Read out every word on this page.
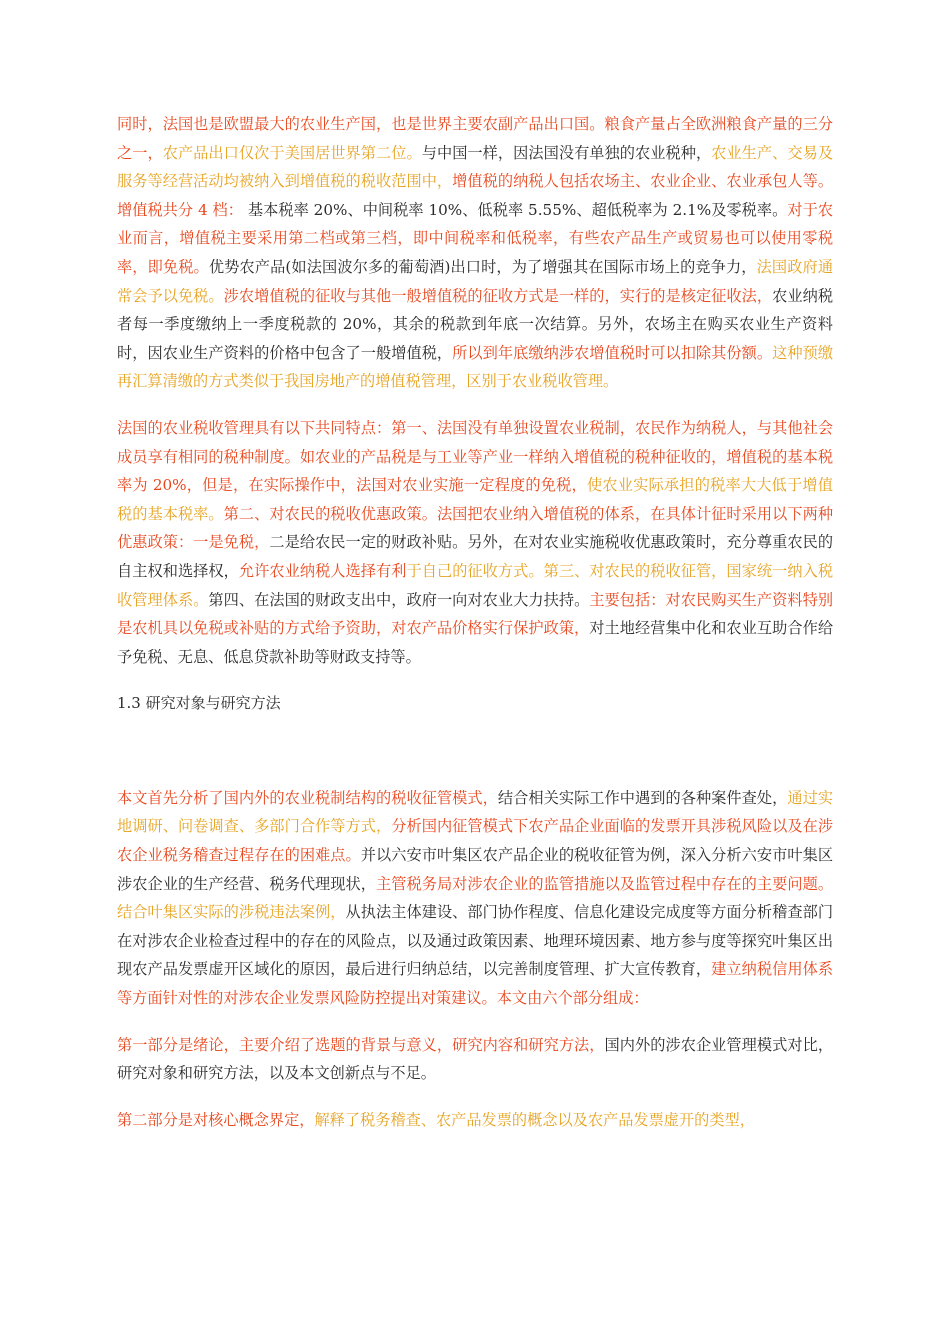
同时，法国也是欧盟最大的农业生产国，也是世界主要农副产品出口国。粮食产量占全欧洲粮食产量的三分之一，农产品出口仅次于美国居世界第二位。与中国一样，因法国没有单独的农业税种，农业生产、交易及服务等经营活动均被纳入到增值税的税收范围中，增值税的纳税人包括农场主、农业企业、农业承包人等。增值税共分 4 档： 基本税率 20%、中间税率 10%、低税率 5.55%、超低税率为 2.1%及零税率。对于农业而言，增值税主要采用第二档或第三档，即中间税率和低税率，有些农产品生产或贸易也可以使用零税率，即免税。优势农产品(如法国波尔多的葡萄酒)出口时，为了增强其在国际市场上的竞争力，法国政府通常会予以免税。涉农增值税的征收与其他一般增值税的征收方式是一样的，实行的是核定征收法，农业纳税者每一季度缴纳上一季度税款的 20%，其余的税款到年底一次结算。另外，农场主在购买农业生产资料时，因农业生产资料的价格中包含了一般增值税，所以到年底缴纳涉农增值税时可以扣除其份额。这种预缴再汇算清缴的方式类似于我国房地产的增值税管理，区别于农业税收管理。

法国的农业税收管理具有以下共同特点：第一、法国没有单独设置农业税制，农民作为纳税人，与其他社会成员享有相同的税种制度。如农业的产品税是与工业等产业一样纳入增值税的税种征收的，增值税的基本税率为 20%，但是，在实际操作中，法国对农业实施一定程度的免税，使农业实际承担的税率大大低于增值税的基本税率。第二、对农民的税收优惠政策。法国把农业纳入增值税的体系，在具体计征时采用以下两种优惠政策：一是免税，二是给农民一定的财政补贴。另外，在对农业实施税收优惠政策时，充分尊重农民的自主权和选择权，允许农业纳税人选择有利于自己的征收方式。第三、对农民的税收征管，国家统一纳入税收管理体系。第四、在法国的财政支出中，政府一向对农业大力扶持。主要包括：对农民购买生产资料特别是农机具以免税或补贴的方式给予资助，对农产品价格实行保护政策，对土地经营集中化和农业互助合作给予免税、无息、低息贷款补助等财政支持等。

1.3 研究对象与研究方法

本文首先分析了国内外的农业税制结构的税收征管模式，结合相关实际工作中遇到的各种案件查处，通过实地调研、问卷调查、多部门合作等方式，分析国内征管模式下农产品企业面临的发票开具涉税风险以及在涉农企业税务稽查过程存在的困难点。并以六安市叶集区农产品企业的税收征管为例，深入分析六安市叶集区涉农企业的生产经营、税务代理现状，主管税务局对涉农企业的监管措施以及监管过程中存在的主要问题。结合叶集区实际的涉税违法案例，从执法主体建设、部门协作程度、信息化建设完成度等方面分析稽查部门在对涉农企业检查过程中的存在的风险点，以及通过政策因素、地理环境因素、地方参与度等探究叶集区出现农产品发票虚开区域化的原因，最后进行归纳总结，以完善制度管理、扩大宣传教育，建立纳税信用体系等方面针对性的对涉农企业发票风险防控提出对策建议。本文由六个部分组成：

第一部分是绪论，主要介绍了选题的背景与意义，研究内容和研究方法，国内外的涉农企业管理模式对比，研究对象和研究方法，以及本文创新点与不足。

第二部分是对核心概念界定，解释了税务稽查、农产品发票的概念以及农产品发票虚开的类型，
